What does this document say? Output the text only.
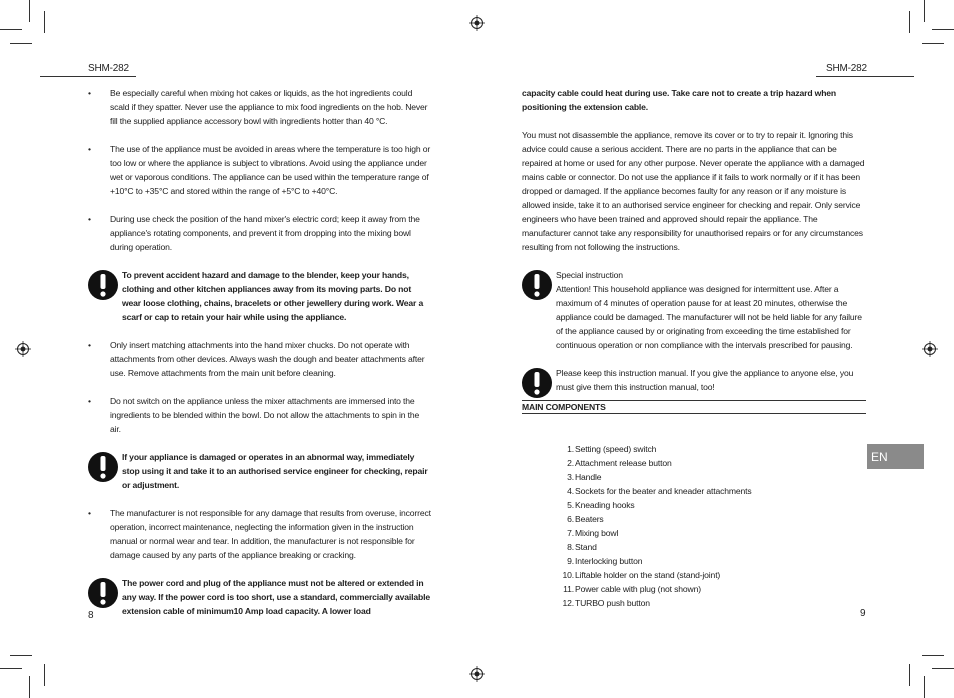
SHM-282	SHM-282
• Be especially careful when mixing hot cakes or liquids, as the hot ingredients could scald if they spatter. Never use the appliance to mix food ingredients on the hob. Never fill the supplied appliance accessory bowl with ingredients hotter than 40 °C.

• The use of the appliance must be avoided in areas where the temperature is too high or too low or where the appliance is subject to vibrations. Avoid using the appliance under wet or vaporous conditions. The appliance can be used within the temperature range of +10°C to +35°C and stored within the range of +5°C to +40°C.

• During use check the position of the hand mixer's electric cord; keep it away from the appliance's rotating components, and prevent it from dropping into the mixing bowl during operation.

To prevent accident hazard and damage to the blender, keep your hands, clothing and other kitchen appliances away from its moving parts. Do not wear loose clothing, chains, bracelets or other jewellery during work. Wear a scarf or cap to retain your hair while using the appliance.

• Only insert matching attachments into the hand mixer chucks. Do not operate with attachments from other devices. Always wash the dough and beater attachments after use. Remove attachments from the main unit before cleaning.

• Do not switch on the appliance unless the mixer attachments are immersed into the ingredients to be blended within the bowl. Do not allow the attachments to spin in the air.

If your appliance is damaged or operates in an abnormal way, immediately stop using it and take it to an authorised service engineer for checking, repair or adjustment.

• The manufacturer is not responsible for any damage that results from overuse, incorrect operation, incorrect maintenance, neglecting the information given in the instruction manual or normal wear and tear. In addition, the manufacturer is not responsible for damage caused by any parts of the appliance breaking or cracking.

The power cord and plug of the appliance must not be altered or extended in any way. If the power cord is too short, use a standard, commercially available extension cable of minimum10 Amp load capacity. A lower load

capacity cable could heat during use. Take care not to create a trip hazard when positioning the extension cable.

You must not disassemble the appliance, remove its cover or to try to repair it. Ignoring this advice could cause a serious accident. There are no parts in the appliance that can be repaired at home or used for any other purpose. Never operate the appliance with a damaged mains cable or connector. Do not use the appliance if it fails to work normally or if it has been dropped or damaged. If the appliance becomes faulty for any reason or if any moisture is allowed inside, take it to an authorised service engineer for checking and repair. Only service engineers who have been trained and approved should repair the appliance. The manufacturer cannot take any responsibility for unauthorised repairs or for any circumstances resulting from not following the instructions.

Special instruction

Attention! This household appliance was designed for intermittent use. After a maximum of 4 minutes of operation pause for at least 20 minutes, otherwise the appliance could be damaged. The manufacturer will not be held liable for any failure of the appliance caused by or originating from exceeding the time established for continuous operation or non compliance with the intervals prescribed for pausing.

Please keep this instruction manual. If you give the appliance to anyone else, you must give them this instruction manual, too!

MAIN COMPONENTS
1. Setting (speed) switch
2. Attachment release button
3. Handle
4. Sockets for the beater and kneader attachments
5. Kneading hooks
6. Beaters
7. Mixing bowl
8. Stand
9. Interlocking button
10. Liftable holder on the stand (stand-joint)
11. Power cable with plug (not shown)
12. TURBO push button
8	9
EN
